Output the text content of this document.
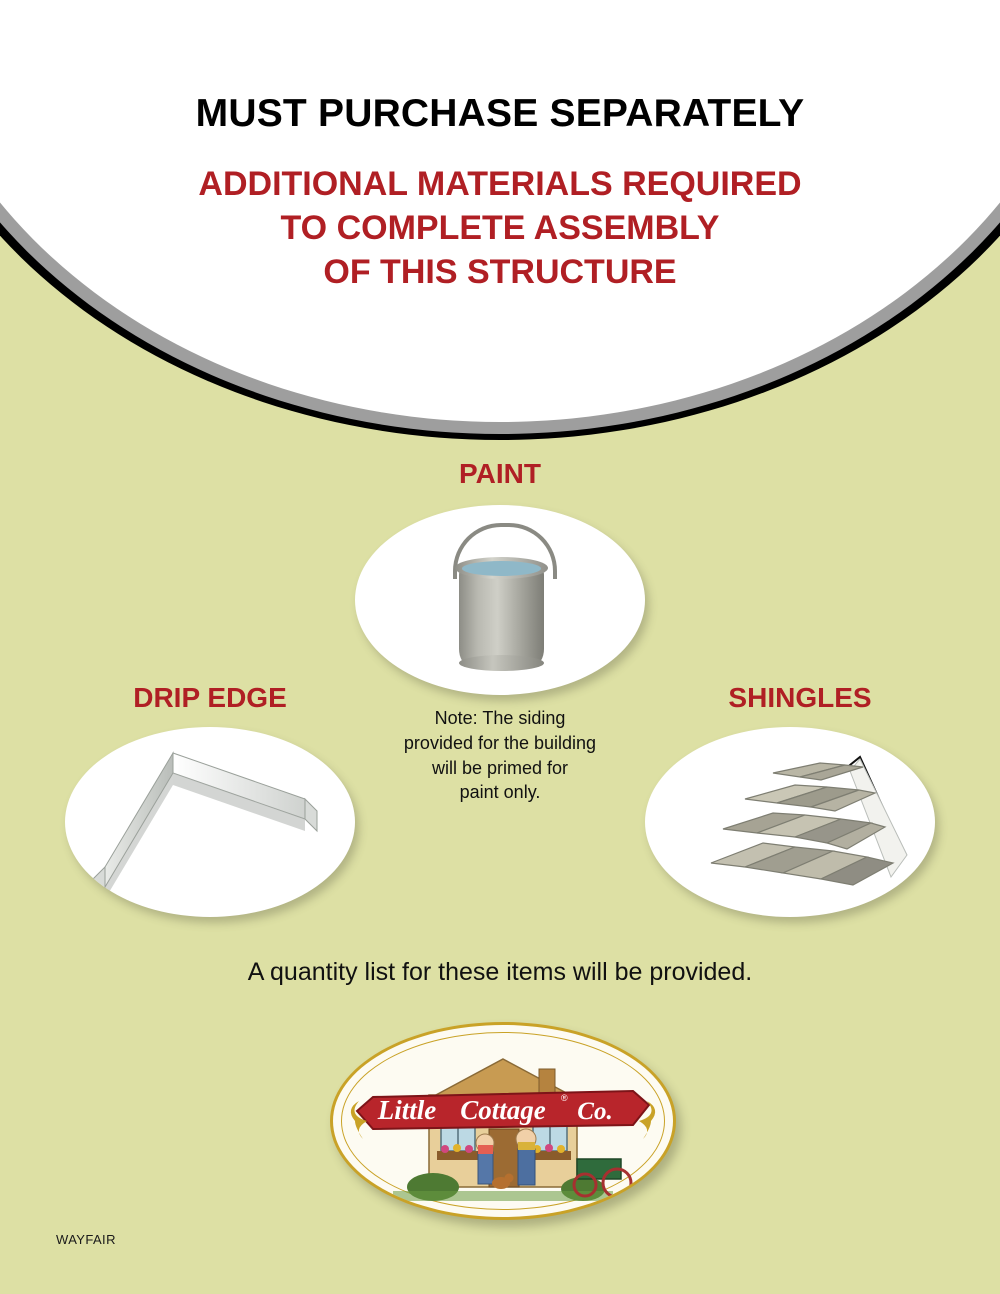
MUST PURCHASE SEPARATELY
ADDITIONAL MATERIALS REQUIRED
TO COMPLETE ASSEMBLY
OF THIS STRUCTURE
PAINT
DRIP EDGE	SHINGLES
Note: The siding
provided for the building
will be primed for
paint only.
A quantity list for these items will be provided.
Little Cottage Co.
®
WAYFAIR
